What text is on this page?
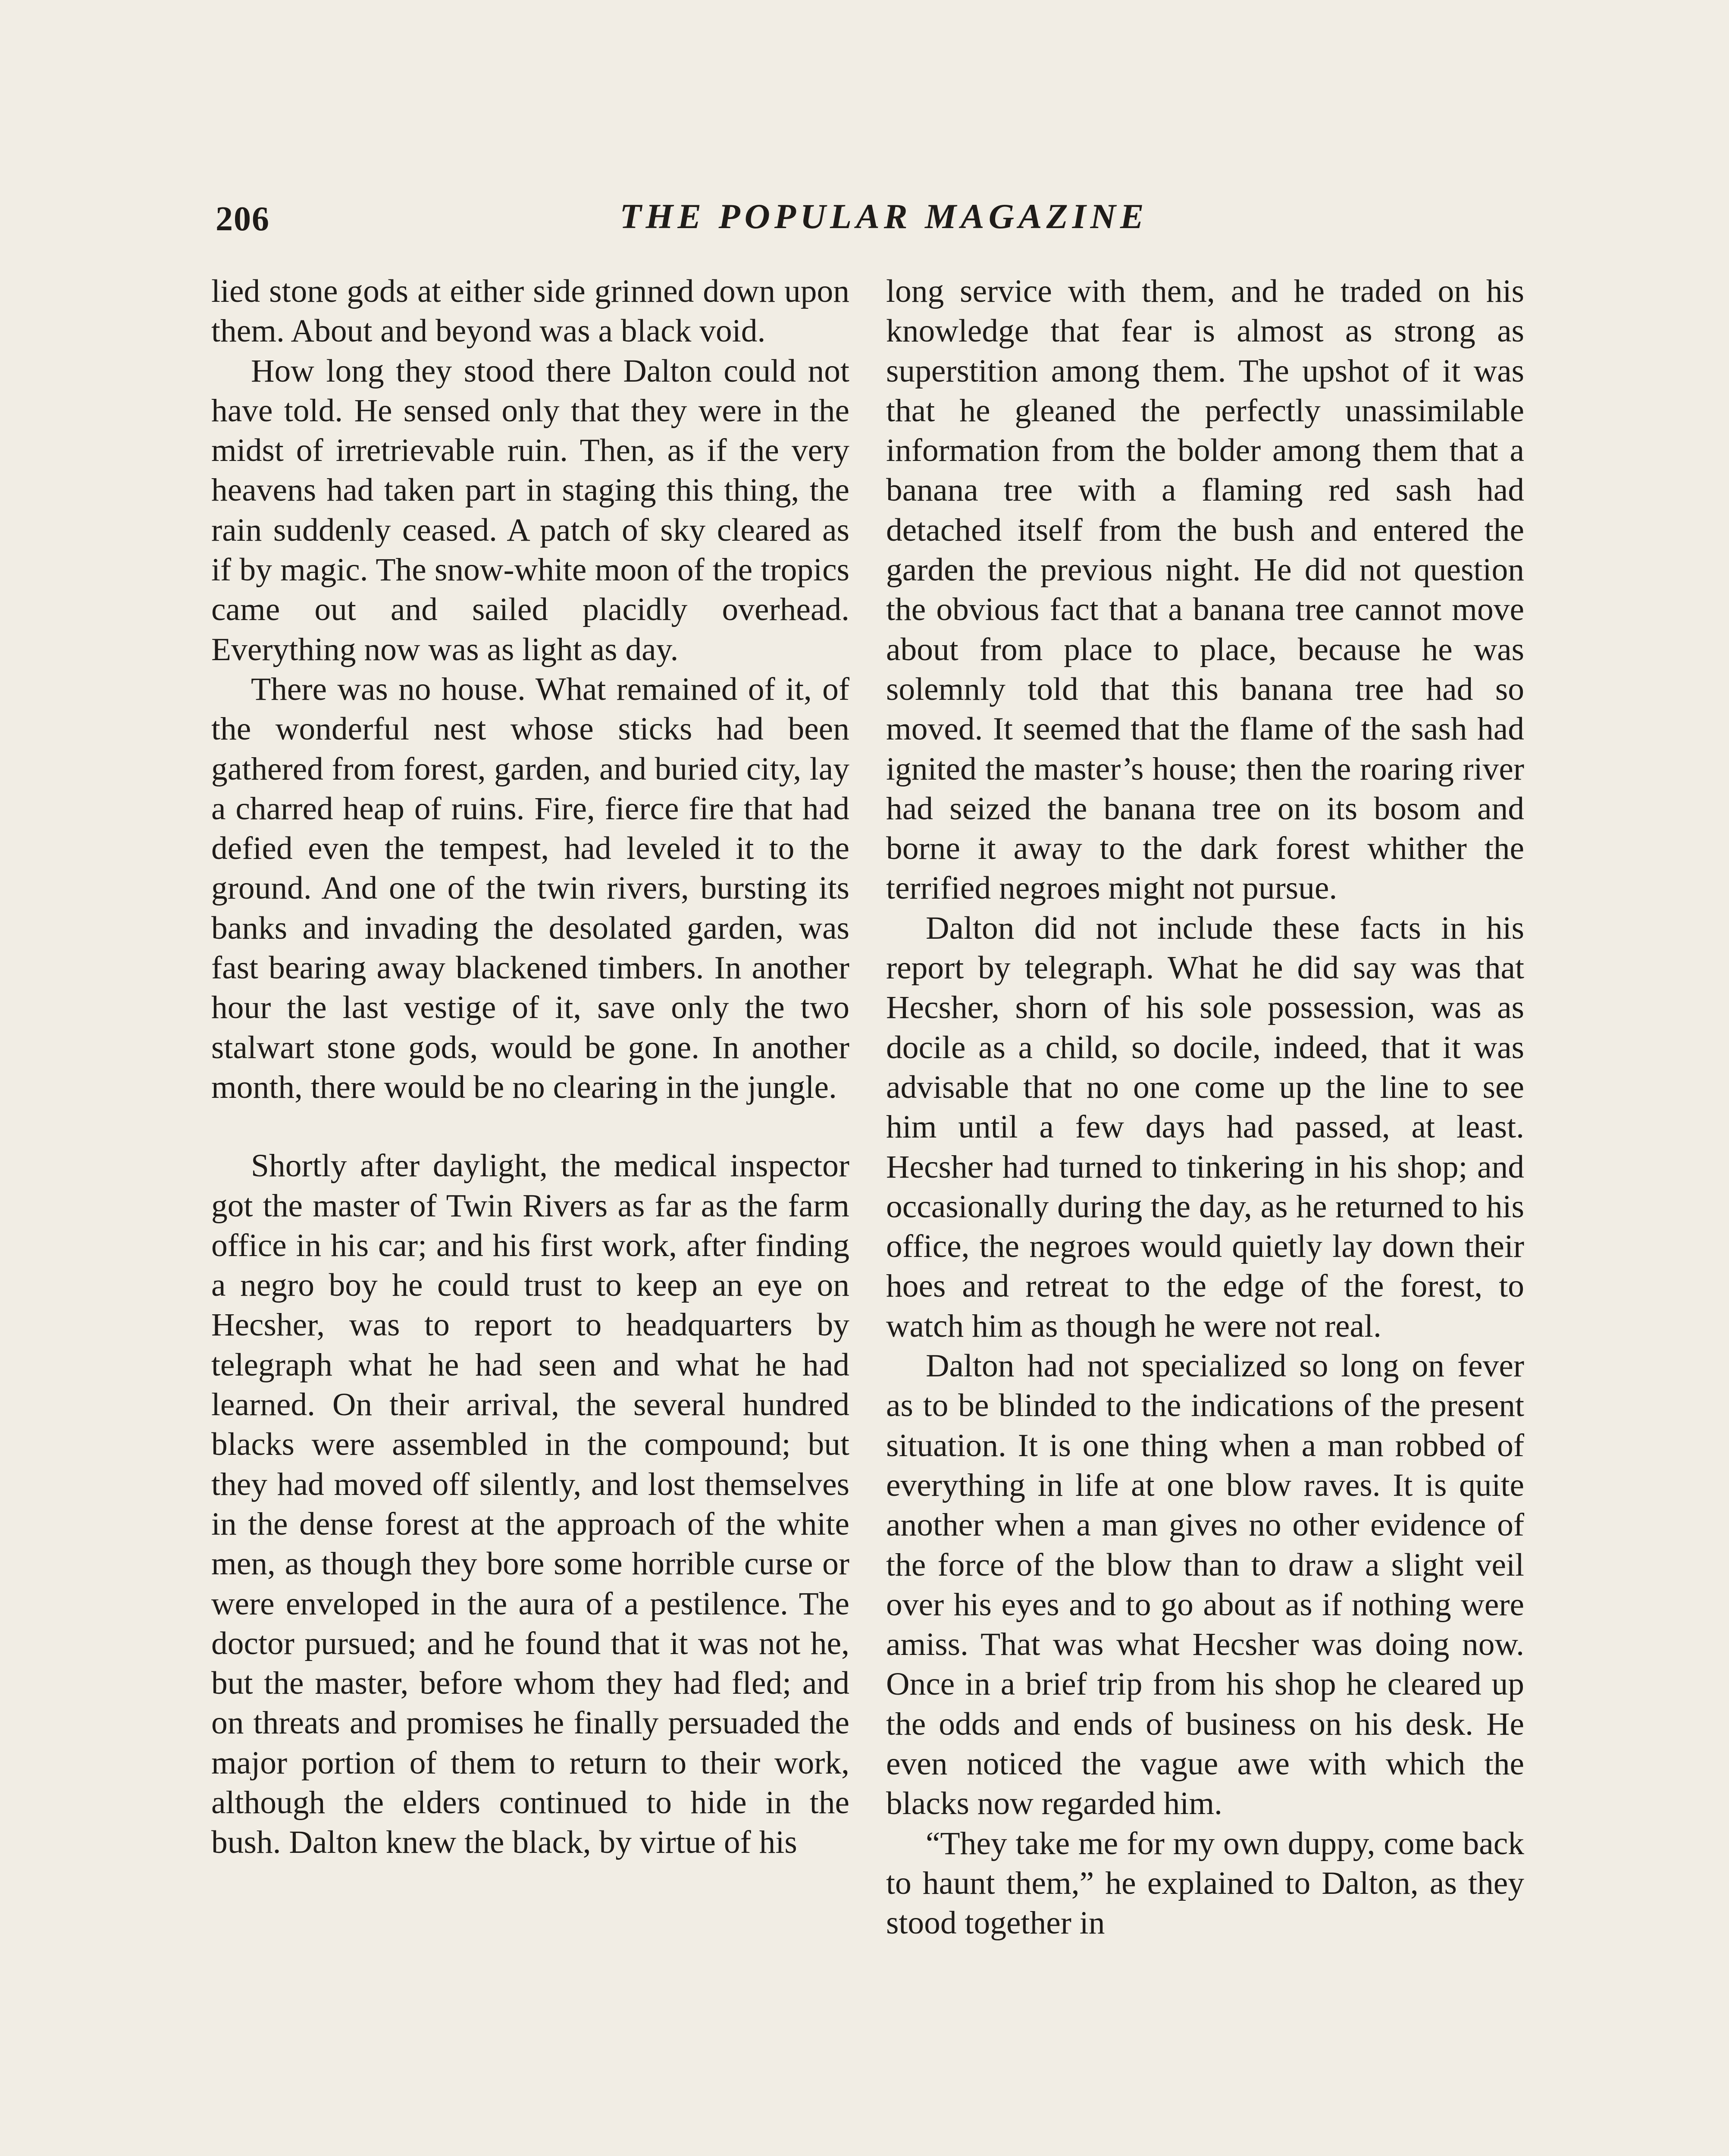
206	THE POPULAR MAGAZINE

lied stone gods at either side grinned down upon them. About and beyond was a black void.

How long they stood there Dalton could not have told. He sensed only that they were in the midst of irretrievable ruin. Then, as if the very heavens had taken part in staging this thing, the rain suddenly ceased. A patch of sky cleared as if by magic. The snow-white moon of the tropics came out and sailed placidly overhead. Everything now was as light as day.

There was no house. What remained of it, of the wonderful nest whose sticks had been gathered from forest, garden, and buried city, lay a charred heap of ruins. Fire, fierce fire that had defied even the tempest, had leveled it to the ground. And one of the twin rivers, bursting its banks and invading the desolated garden, was fast bearing away blackened timbers. In another hour the last vestige of it, save only the two stalwart stone gods, would be gone. In another month, there would be no clearing in the jungle.

Shortly after daylight, the medical inspector got the master of Twin Rivers as far as the farm office in his car; and his first work, after finding a negro boy he could trust to keep an eye on Hecsher, was to report to headquarters by telegraph what he had seen and what he had learned. On their arrival, the several hundred blacks were assembled in the compound; but they had moved off silently, and lost themselves in the dense forest at the approach of the white men, as though they bore some horrible curse or were enveloped in the aura of a pestilence. The doctor pursued; and he found that it was not he, but the master, before whom they had fled; and on threats and promises he finally persuaded the major portion of them to return to their work, although the elders continued to hide in the bush. Dalton knew the black, by virtue of his

long service with them, and he traded on his knowledge that fear is almost as strong as superstition among them. The upshot of it was that he gleaned the perfectly unassimilable information from the bolder among them that a banana tree with a flaming red sash had detached itself from the bush and entered the garden the previous night. He did not question the obvious fact that a banana tree cannot move about from place to place, because he was solemnly told that this banana tree had so moved. It seemed that the flame of the sash had ignited the master’s house; then the roaring river had seized the banana tree on its bosom and borne it away to the dark forest whither the terrified negroes might not pursue.

Dalton did not include these facts in his report by telegraph. What he did say was that Hecsher, shorn of his sole possession, was as docile as a child, so docile, indeed, that it was advisable that no one come up the line to see him until a few days had passed, at least. Hecsher had turned to tinkering in his shop; and occasionally during the day, as he returned to his office, the negroes would quietly lay down their hoes and retreat to the edge of the forest, to watch him as though he were not real.

Dalton had not specialized so long on fever as to be blinded to the indications of the present situation. It is one thing when a man robbed of everything in life at one blow raves. It is quite another when a man gives no other evidence of the force of the blow than to draw a slight veil over his eyes and to go about as if nothing were amiss. That was what Hecsher was doing now. Once in a brief trip from his shop he cleared up the odds and ends of business on his desk. He even noticed the vague awe with which the blacks now regarded him.

“They take me for my own duppy, come back to haunt them,” he explained to Dalton, as they stood together in
